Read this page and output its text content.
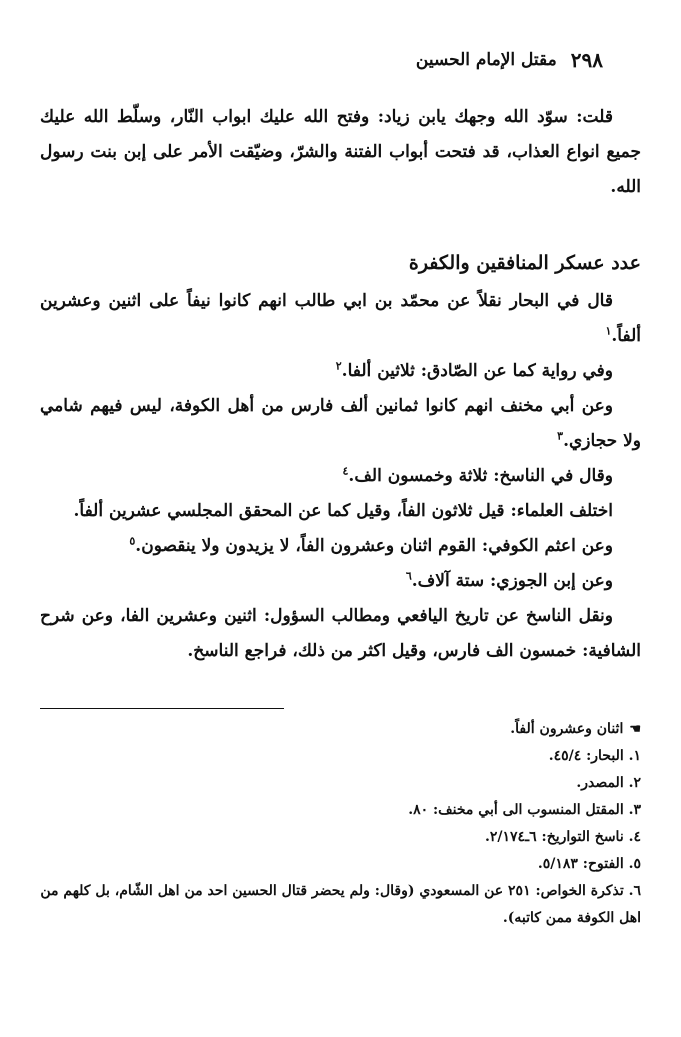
٢٩٨
مقتل الإمام الحسين

قلت: سوّد الله وجهك يابن زياد: وفتح الله عليك ابواب النّار، وسلّط الله عليك جميع انواع العذاب، قد فتحت أبواب الفتنة والشرّ، وضيّقت الأمر على إبن بنت رسول الله.

عدد عسكر المنافقين والكفرة

قال في البحار نقلاً عن محمّد بن ابي طالب انهم كانوا نيفاً على اثنين وعشرين ألفاً.$^١$

وفي رواية كما عن الصّادق: ثلاثين ألفا.$^٢$

وعن أبي مخنف انهم كانوا ثمانين ألف فارس من أهل الكوفة، ليس فيهم شامي ولا حجازي.$^٣$

وقال في الناسخ: ثلاثة وخمسون الف.$^٤$

اختلف العلماء: قيل ثلاثون الفاً، وقيل كما عن المحقق المجلسي عشرين ألفاً.

وعن اعثم الكوفي: القوم اثنان وعشرون الفاً، لا يزيدون ولا ينقصون.$^٥$

وعن إبن الجوزي: ستة آلاف.$^٦$

ونقل الناسخ عن تاريخ اليافعي ومطالب السؤول: اثنين وعشرين الفا، وعن شرح الشافية: خمسون الف فارس، وقيل اكثر من ذلك، فراجع الناسخ.

☚اثنان وعشرون ألفاً.

١. البحار: ٤٥/٤.

٢. المصدر.

٣. المقتل المنسوب الى أبي مخنف: ٨٠.

٤. ناسخ التواريخ: ٦ـ٢/١٧٤.

٥. الفتوح: ٥/١٨٣.

٦. تذكرة الخواص: ٢٥١ عن المسعودي (وقال: ولم يحضر قتال الحسين احد من اهل الشّام، بل كلهم من اهل الكوفة ممن كاتبه).
